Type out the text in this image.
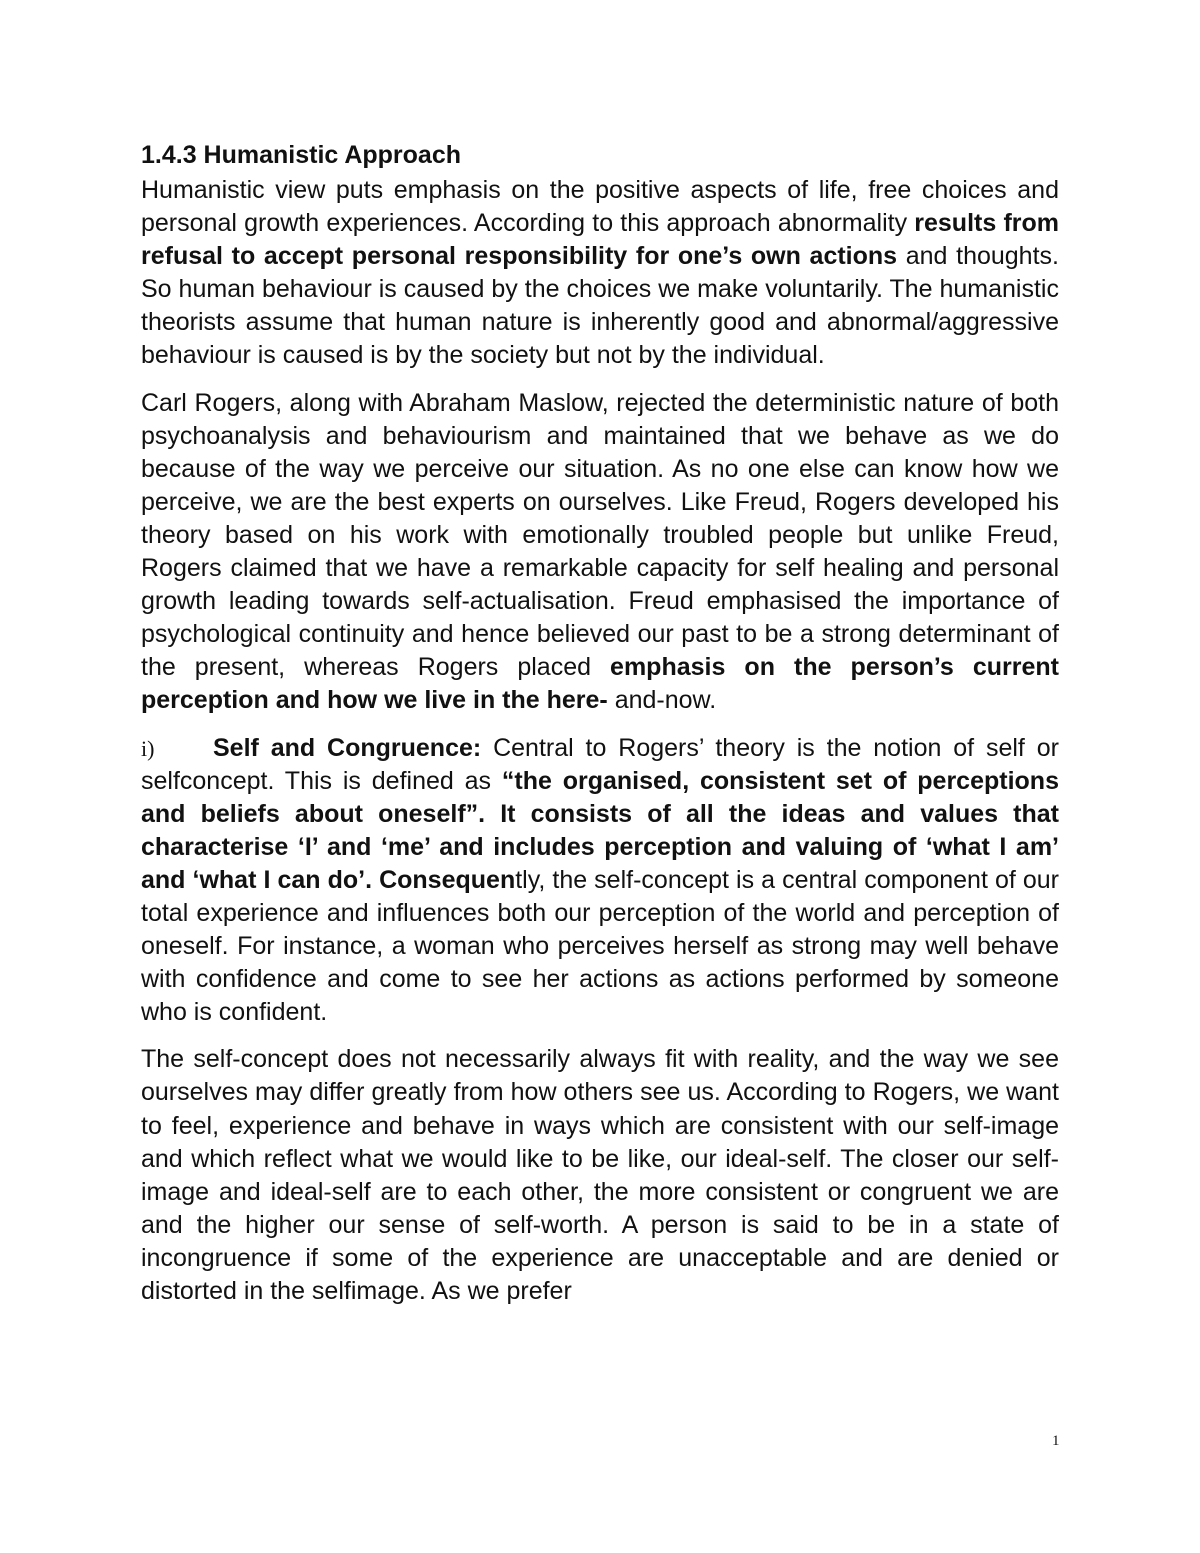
1.4.3 Humanistic Approach

Humanistic view puts emphasis on the positive aspects of life, free choices and personal growth experiences. According to this approach abnormality results from refusal to accept personal responsibility for one’s own actions and thoughts. So human behaviour is caused by the choices we make voluntarily. The humanistic theorists assume that human nature is inherently good and abnormal/aggressive behaviour is caused is by the society but not by the individual.

Carl Rogers, along with Abraham Maslow, rejected the deterministic nature of both psychoanalysis and behaviourism and maintained that we behave as we do because of the way we perceive our situation. As no one else can know how we perceive, we are the best experts on ourselves. Like Freud, Rogers developed his theory based on his work with emotionally troubled people but unlike Freud, Rogers claimed that we have a remarkable capacity for self healing and personal growth leading towards self-actualisation. Freud emphasised the importance of psychological continuity and hence believed our past to be a strong determinant of the present, whereas Rogers placed emphasis on the person’s current perception and how we live in the here- and-now.

i) Self and Congruence: Central to Rogers’ theory is the notion of self or selfconcept. This is defined as “the organised, consistent set of perceptions and beliefs about oneself”. It consists of all the ideas and values that characterise ‘I’ and ‘me’ and includes perception and valuing of ‘what I am’ and ‘what I can do’. Consequently, the self-concept is a central component of our total experience and influences both our perception of the world and perception of oneself. For instance, a woman who perceives herself as strong may well behave with confidence and come to see her actions as actions performed by someone who is confident.

The self-concept does not necessarily always fit with reality, and the way we see ourselves may differ greatly from how others see us. According to Rogers, we want to feel, experience and behave in ways which are consistent with our self-image and which reflect what we would like to be like, our ideal-self. The closer our self-image and ideal-self are to each other, the more consistent or congruent we are and the higher our sense of self-worth. A person is said to be in a state of incongruence if some of the experience are unacceptable and are denied or distorted in the selfimage. As we prefer

1
